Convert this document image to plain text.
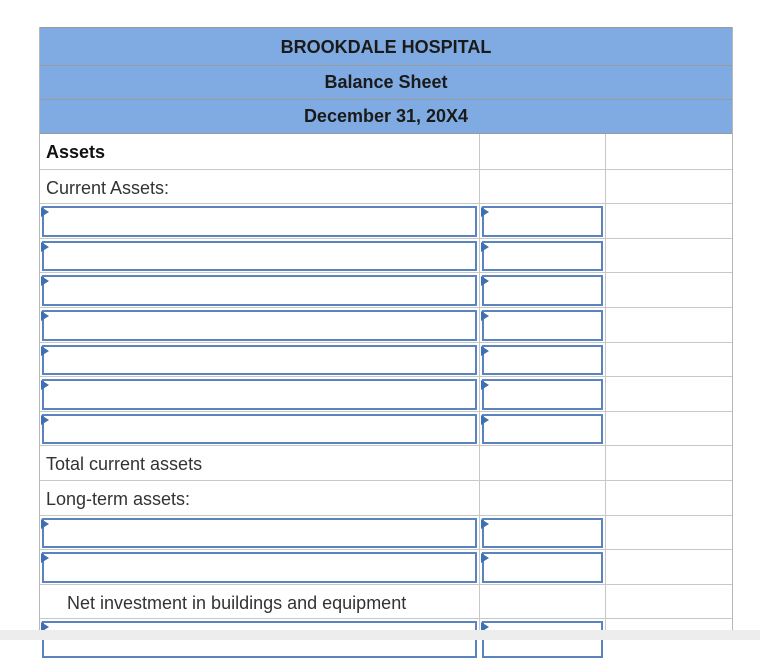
BROOKDALE HOSPITAL
Balance Sheet
December 31, 20X4
Assets
Current Assets:
Total current assets
Long-term assets:
Net investment in buildings and equipment
